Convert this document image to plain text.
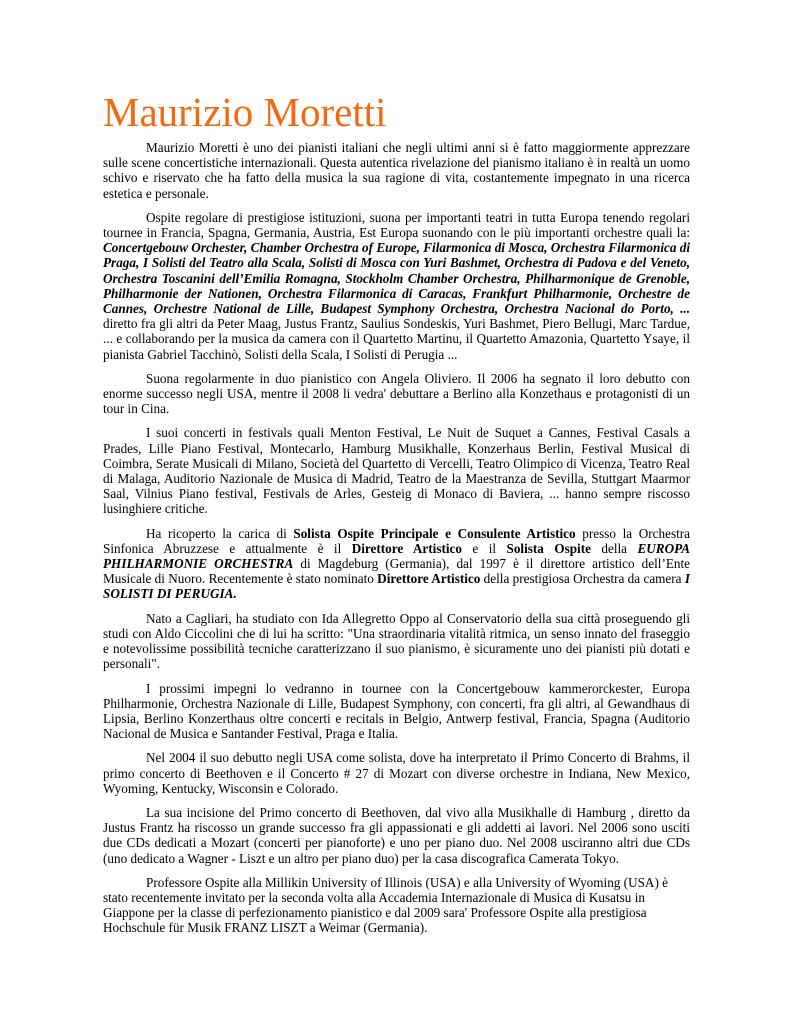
Maurizio Moretti

Maurizio Moretti è uno dei pianisti italiani che negli ultimi anni si è fatto maggiormente apprezzare sulle scene concertistiche internazionali. Questa autentica rivelazione del pianismo italiano è in realtà un uomo schivo e riservato che ha fatto della musica la sua ragione di vita, costantemente impegnato in una ricerca estetica e personale.

Ospite regolare di prestigiose istituzioni, suona per importanti teatri in tutta Europa tenendo regolari tournee in Francia, Spagna, Germania, Austria, Est Europa suonando con le più importanti orchestre quali la: Concertgebouw Orchester, Chamber Orchestra of Europe, Filarmonica di Mosca, Orchestra Filarmonica di Praga, I Solisti del Teatro alla Scala, Solisti di Mosca con Yuri Bashmet, Orchestra di Padova e del Veneto, Orchestra Toscanini dell’Emilia Romagna, Stockholm Chamber Orchestra, Philharmonique de Grenoble, Philharmonie der Nationen, Orchestra Filarmonica di Caracas, Frankfurt Philharmonie, Orchestre de Cannes, Orchestre National de Lille, Budapest Symphony Orchestra, Orchestra Nacional do Porto, ... diretto fra gli altri da Peter Maag, Justus Frantz, Saulius Sondeskis, Yuri Bashmet, Piero Bellugi, Marc Tardue, ... e collaborando per la musica da camera con il Quartetto Martinu, il Quartetto Amazonia, Quartetto Ysaye, il pianista Gabriel Tacchinò, Solisti della Scala, I Solisti di Perugia ...

Suona regolarmente in duo pianistico con Angela Oliviero. Il 2006 ha segnato il loro debutto con enorme successo negli USA, mentre il 2008 li vedra' debuttare a Berlino alla Konzethaus e protagonisti di un tour in Cina.

I suoi concerti in festivals quali Menton Festival, Le Nuit de Suquet a Cannes, Festival Casals a Prades, Lille Piano Festival, Montecarlo, Hamburg Musikhalle, Konzerhaus Berlin, Festival Musical di Coimbra, Serate Musicali di Milano, Società del Quartetto di Vercelli, Teatro Olimpico di Vicenza, Teatro Real di Malaga, Auditorio Nazionale de Musica di Madrid, Teatro de la Maestranza de Sevilla, Stuttgart Maarmor Saal, Vilnius Piano festival, Festivals de Arles, Gesteig di Monaco di Baviera, ... hanno sempre riscosso lusinghiere critiche.

Ha ricoperto la carica di Solista Ospite Principale e Consulente Artistico presso la Orchestra Sinfonica Abruzzese e attualmente è il Direttore Artistico e il Solista Ospite della EUROPA PHILHARMONIE ORCHESTRA di Magdeburg (Germania), dal 1997 è il direttore artistico dell’Ente Musicale di Nuoro. Recentemente è stato nominato Direttore Artistico della prestigiosa Orchestra da camera I SOLISTI DI PERUGIA.

Nato a Cagliari, ha studiato con Ida Allegretto Oppo al Conservatorio della sua città proseguendo gli studi con Aldo Ciccolini che di lui ha scritto: "Una straordinaria vitalità ritmica, un senso innato del fraseggio e notevolissime possibilità tecniche caratterizzano il suo pianismo, è sicuramente uno dei pianisti più dotati e personali".

I prossimi impegni lo vedranno in tournee con la Concertgebouw kammerorckester, Europa Philharmonie, Orchestra Nazionale di Lille, Budapest Symphony, con concerti, fra gli altri, al Gewandhaus di Lipsia, Berlino Konzerthaus oltre concerti e recitals in Belgio, Antwerp festival, Francia, Spagna (Auditorio Nacional de Musica e Santander Festival, Praga e Italia.

Nel 2004 il suo debutto negli USA come solista, dove ha interpretato il Primo Concerto di Brahms, il primo concerto di Beethoven e il Concerto # 27 di Mozart con diverse orchestre in Indiana, New Mexico, Wyoming, Kentucky, Wisconsin e Colorado.

La sua incisione del Primo concerto di Beethoven, dal vivo alla Musikhalle di Hamburg , diretto da Justus Frantz ha riscosso un grande successo fra gli appassionati e gli addetti ai lavori. Nel 2006 sono usciti due CDs dedicati a Mozart (concerti per pianoforte) e uno per piano duo. Nel 2008 usciranno altri due CDs (uno dedicato a Wagner - Liszt e un altro per piano duo) per la casa discografica Camerata Tokyo.

Professore Ospite alla Millikin University of Illinois (USA) e alla University of Wyoming (USA) è stato recentemente invitato per la seconda volta alla Accademia Internazionale di Musica di Kusatsu in Giappone per la classe di perfezionamento pianistico e dal 2009 sara' Professore Ospite alla prestigiosa Hochschule für Musik FRANZ LISZT a Weimar (Germania).
